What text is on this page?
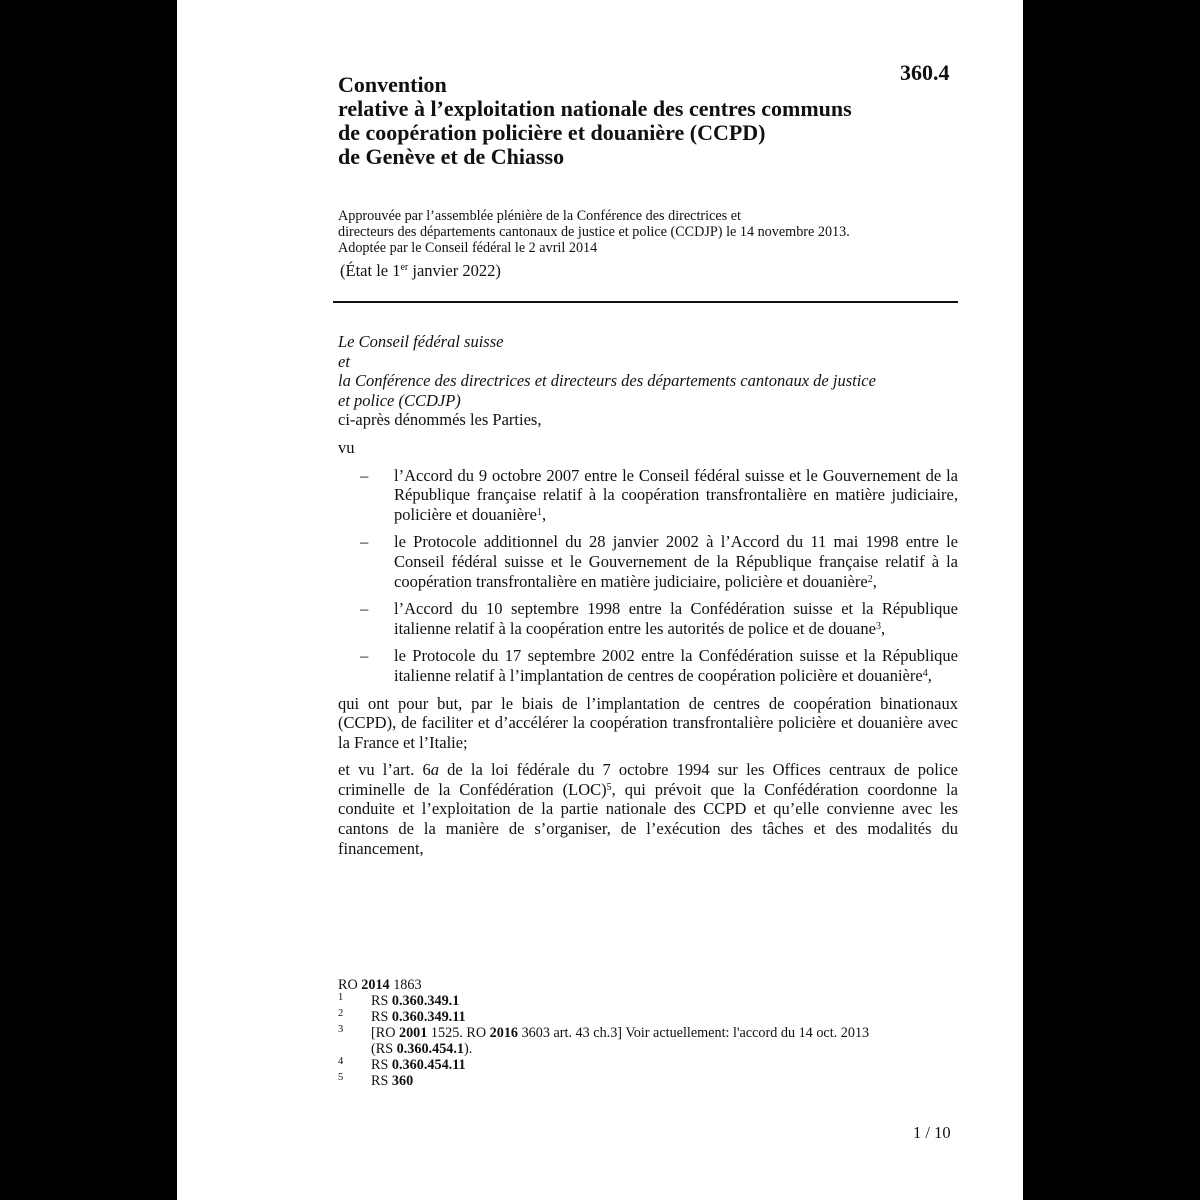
360.4
Convention
relative à l’exploitation nationale des centres communs
de coopération policière et douanière (CCPD)
de Genève et de Chiasso
Approuvée par l’assemblée plénière de la Conférence des directrices et
directeurs des départements cantonaux de justice et police (CCDJP) le 14 novembre 2013.
Adoptée par le Conseil fédéral le 2 avril 2014
(État le 1er janvier 2022)

Le Conseil fédéral suisse

et

la Conférence des directrices et directeurs des départements cantonaux de justice

et police (CCDJP)

ci-après dénommés les Parties,

vu

– l’Accord du 9 octobre 2007 entre le Conseil fédéral suisse et le Gouvernement de la République française relatif à la coopération transfrontalière en matière judiciaire, policière et douanière$^1$,
– le Protocole additionnel du 28 janvier 2002 à l’Accord du 11 mai 1998 entre le Conseil fédéral suisse et le Gouvernement de la République française relatif à la coopération transfrontalière en matière judiciaire, policière et douanière$^2$,
– l’Accord du 10 septembre 1998 entre la Confédération suisse et la République italienne relatif à la coopération entre les autorités de police et de douane$^3$,
– le Protocole du 17 septembre 2002 entre la Confédération suisse et la République italienne relatif à l’implantation de centres de coopération policière et douanière$^4$,

qui ont pour but, par le biais de l’implantation de centres de coopération binationaux (CCPD), de faciliter et d’accélérer la coopération transfrontalière policière et douanière avec la France et l’Italie;

et vu l’art. 6a de la loi fédérale du 7 octobre 1994 sur les Offices centraux de police criminelle de la Confédération (LOC)$^5$, qui prévoit que la Confédération coordonne la conduite et l’exploitation de la partie nationale des CCPD et qu’elle convienne avec les cantons de la manière de s’organiser, de l’exécution des tâches et des modalités du financement,

RO 2014 1863
1 RS 0.360.349.1
2 RS 0.360.349.11
3 [RO 2001 1525. RO 2016 3603 art. 43 ch.3] Voir actuellement: l'accord du 14 oct. 2013
(RS 0.360.454.1).
4 RS 0.360.454.11
5 RS 360
1 / 10
